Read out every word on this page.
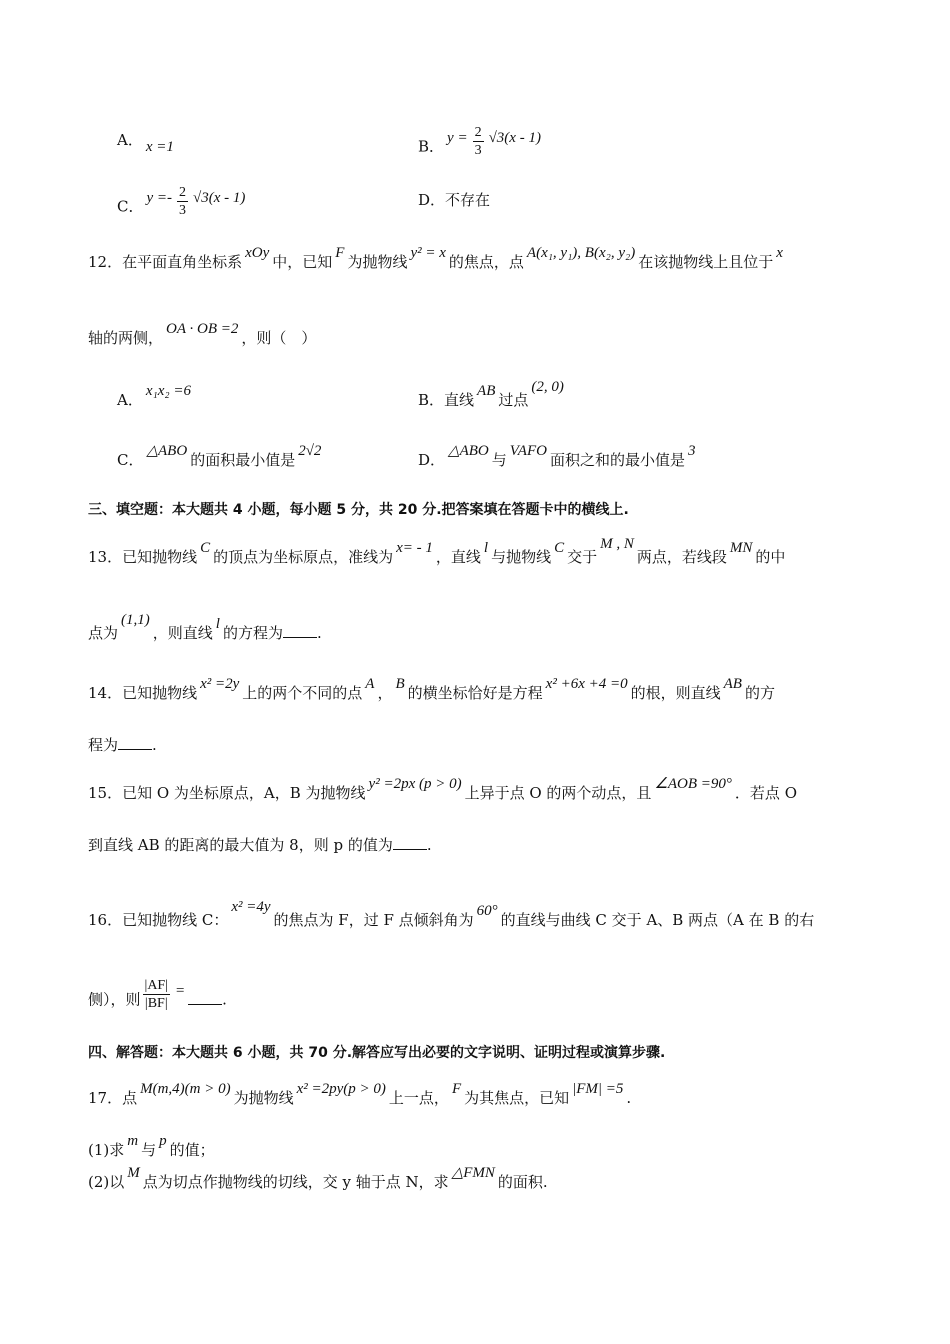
A． x =1	B． $y = \frac{2}{3} √3(x - 1)$
C． $y =- \frac{2}{3} √3(x - 1)$	D．不存在
12．在平面直角坐标系 xOy 中，已知 F 为抛物线 y² = x 的焦点，点 A(x₁, y₁), B(x₂, y₂) 在该抛物线上且位于 x
轴的两侧， OA · OB =2 ，则（　）
A． x₁x₂ =6	B．直线 AB 过点(2, 0)
C． △ABO 的面积最小值是 2√2	D． △ABO 与 VAFO 面积之和的最小值是 3
三、填空题：本大题共 4 小题，每小题 5 分，共 20 分.把答案填在答题卡中的横线上.
13．已知抛物线 C 的顶点为坐标原点，准线为 x= - 1 ，直线 l 与抛物线 C 交于M , N两点，若线段 MN 的中
点为(1,1)，则直线 l 的方程为 .
14．已知抛物线 x² =2y 上的两个不同的点 A ， B 的横坐标恰好是方程 x² +6x +4 =0 的根，则直线 AB 的方
程为 .
15．已知 O 为坐标原点，A，B 为抛物线 y² =2px (p > 0) 上异于点 O 的两个动点，且 ∠AOB =90° ．若点 O
到直线 AB 的距离的最大值为 8，则 p 的值为 .
16．已知抛物线 C：x² =4y的焦点为 F，过 F 点倾斜角为 60° 的直线与曲线 C 交于 A、B 两点（A 在 B 的右
侧），则 $\frac{|AF|}{|BF|}$ = .
四、解答题：本大题共 6 小题，共 70 分.解答应写出必要的文字说明、证明过程或演算步骤.
17．点 M(m,4)(m > 0) 为抛物线 x² =2py(p > 0) 上一点， F 为其焦点，已知 |FM| =5 .
(1)求 m 与 p 的值；
(2)以 M 点为切点作抛物线的切线，交 y 轴于点 N，求 △FMN 的面积.
